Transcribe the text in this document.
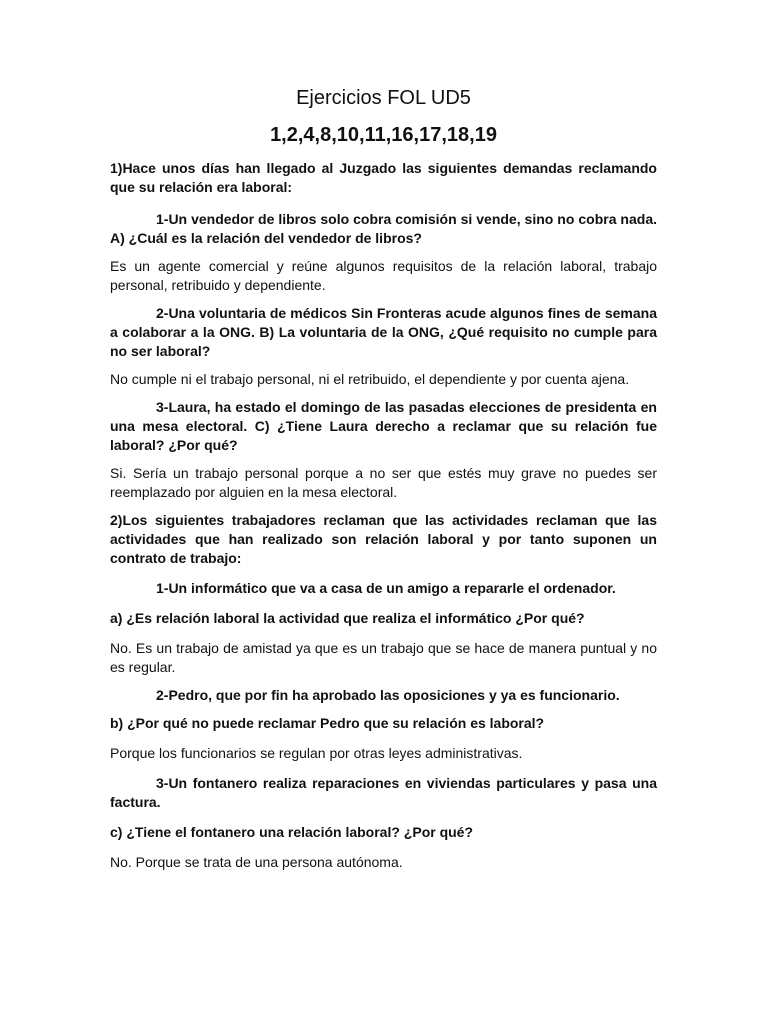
Ejercicios FOL UD5
1,2,4,8,10,11,16,17,18,19

1)Hace unos días han llegado al Juzgado las siguientes demandas reclamando que su relación era laboral:

1-Un vendedor de libros solo cobra comisión si vende, sino no cobra nada. A) ¿Cuál es la relación del vendedor de libros?

Es un agente comercial y reúne algunos requisitos de la relación laboral, trabajo personal, retribuido y dependiente.

2-Una voluntaria de médicos Sin Fronteras acude algunos fines de semana a colaborar a la ONG. B) La voluntaria de la ONG, ¿Qué requisito no cumple para no ser laboral?

No cumple ni el trabajo personal, ni el retribuido, el dependiente y por cuenta ajena.

3-Laura, ha estado el domingo de las pasadas elecciones de presidenta en una mesa electoral. C) ¿Tiene Laura derecho a reclamar que su relación fue laboral? ¿Por qué?

Si. Sería un trabajo personal porque a no ser que estés muy grave no puedes ser reemplazado por alguien en la mesa electoral.

2)Los siguientes trabajadores reclaman que las actividades reclaman que las actividades que han realizado son relación laboral y por tanto suponen un contrato de trabajo:

1-Un informático que va a casa de un amigo a repararle el ordenador.

a) ¿Es relación laboral la actividad que realiza el informático ¿Por qué?

No. Es un trabajo de amistad ya que es un trabajo que se hace de manera puntual y no es regular.

2-Pedro, que por fin ha aprobado las oposiciones y ya es funcionario.

b) ¿Por qué no puede reclamar Pedro que su relación es laboral?

Porque los funcionarios se regulan por otras leyes administrativas.

3-Un fontanero realiza reparaciones en viviendas particulares y pasa una factura.

c) ¿Tiene el fontanero una relación laboral? ¿Por qué?

No. Porque se trata de una persona autónoma.
